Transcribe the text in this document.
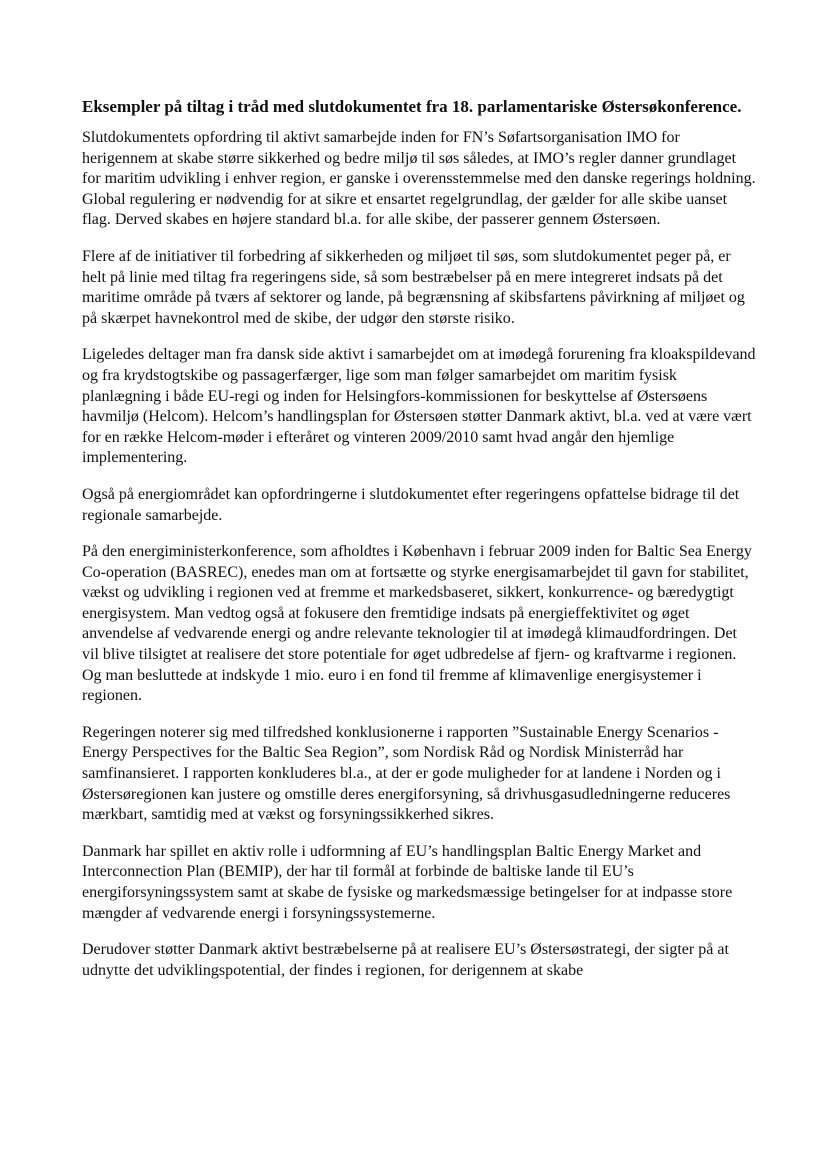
Eksempler på tiltag i tråd med slutdokumentet fra 18. parlamentariske Østersøkonference.

Slutdokumentets opfordring til aktivt samarbejde inden for FN’s Søfartsorganisation IMO for herigennem at skabe større sikkerhed og bedre miljø til søs således, at IMO’s regler danner grundlaget for maritim udvikling i enhver region, er ganske i overensstemmelse med den danske regerings holdning. Global regulering er nødvendig for at sikre et ensartet regelgrundlag, der gælder for alle skibe uanset flag. Derved skabes en højere standard bl.a. for alle skibe, der passerer gennem Østersøen.

Flere af de initiativer til forbedring af sikkerheden og miljøet til søs, som slutdokumentet peger på, er helt på linie med tiltag fra regeringens side, så som bestræbelser på en mere integreret indsats på det maritime område på tværs af sektorer og lande, på begrænsning af skibsfartens påvirkning af miljøet og på skærpet havnekontrol med de skibe, der udgør den største risiko.

Ligeledes deltager man fra dansk side aktivt i samarbejdet om at imødegå forurening fra kloakspildevand og fra krydstogtskibe og passagerfærger, lige som man følger samarbejdet om maritim fysisk planlægning i både EU-regi og inden for Helsingfors-kommissionen for beskyttelse af Østersøens havmiljø (Helcom). Helcom’s handlingsplan for Østersøen støtter Danmark aktivt, bl.a. ved at være vært for en række Helcom-møder i efteråret og vinteren 2009/2010 samt hvad angår den hjemlige implementering.

Også på energiområdet kan opfordringerne i slutdokumentet efter regeringens opfattelse bidrage til det regionale samarbejde.

På den energiministerkonference, som afholdtes i København i februar 2009 inden for Baltic Sea Energy Co-operation (BASREC), enedes man om at fortsætte og styrke energisamarbejdet til gavn for stabilitet, vækst og udvikling i regionen ved at fremme et markedsbaseret, sikkert, konkurrence- og bæredygtigt energisystem. Man vedtog også at fokusere den fremtidige indsats på energieffektivitet og øget anvendelse af vedvarende energi og andre relevante teknologier til at imødegå klimaudfordringen. Det vil blive tilsigtet at realisere det store potentiale for øget udbredelse af fjern- og kraftvarme i regionen. Og man besluttede at indskyde 1 mio. euro i en fond til fremme af klimavenlige energisystemer i regionen.

Regeringen noterer sig med tilfredshed konklusionerne i rapporten ”Sustainable Energy Scenarios - Energy Perspectives for the Baltic Sea Region”, som Nordisk Råd og Nordisk Ministerråd har samfinansieret. I rapporten konkluderes bl.a., at der er gode muligheder for at landene i Norden og i Østersøregionen kan justere og omstille deres energiforsyning, så drivhusgasudledningerne reduceres mærkbart, samtidig med at vækst og forsyningssikkerhed sikres.

Danmark har spillet en aktiv rolle i udformning af EU’s handlingsplan Baltic Energy Market and Interconnection Plan (BEMIP), der har til formål at forbinde de baltiske lande til EU’s energiforsyningssystem samt at skabe de fysiske og markedsmæssige betingelser for at indpasse store mængder af vedvarende energi i forsyningssystemerne.

Derudover støtter Danmark aktivt bestræbelserne på at realisere EU’s Østersøstrategi, der sigter på at udnytte det udviklingspotential, der findes i regionen, for derigennem at skabe
